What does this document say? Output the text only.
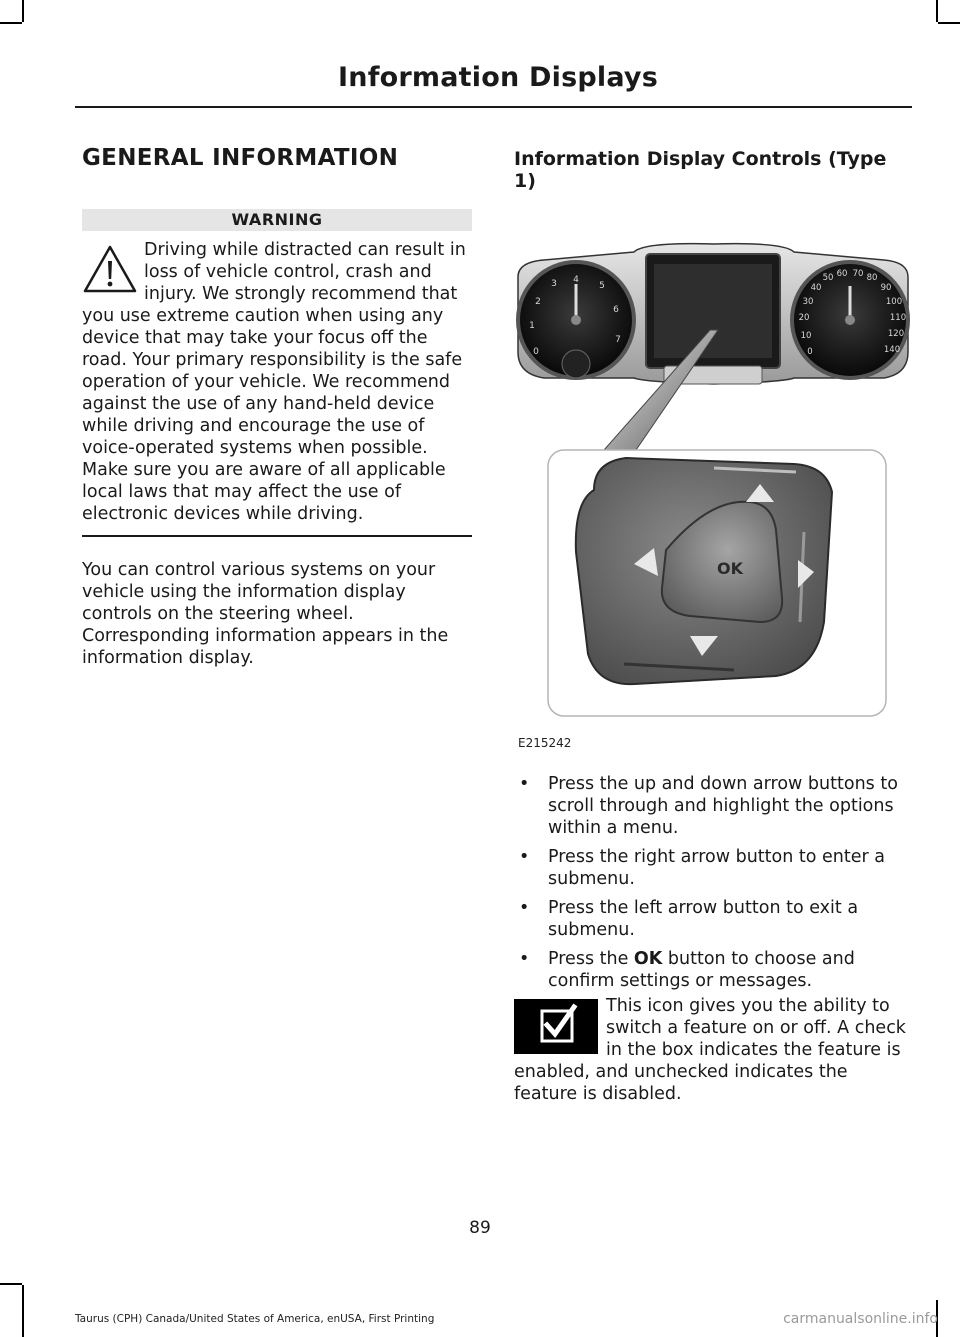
Information Displays
GENERAL INFORMATION
WARNING
Driving while distracted can result in loss of vehicle control, crash and injury. We strongly recommend that you use extreme caution when using any device that may take your focus off the road. Your primary responsibility is the safe operation of your vehicle. We recommend against the use of any hand-held device while driving and encourage the use of voice-operated systems when possible. Make sure you are aware of all applicable local laws that may affect the use of electronic devices while driving.
You can control various systems on your vehicle using the information display controls on the steering wheel. Corresponding information appears in the information display.
Information Display Controls (Type 1)
0
1
2
3 4
5
6
7
0
10
20
30
40
50 60 70 80
90
100
110
120
140
OK
E215242
• Press the up and down arrow buttons to scroll through and highlight the options within a menu.
• Press the right arrow button to enter a submenu.
• Press the left arrow button to exit a submenu.
• Press the OK button to choose and confirm settings or messages.
This icon gives you the ability to switch a feature on or off. A check in the box indicates the feature is enabled, and unchecked indicates the feature is disabled.
89
Taurus (CPH) Canada/United States of America, enUSA, First Printing	carmanualsonline.info
